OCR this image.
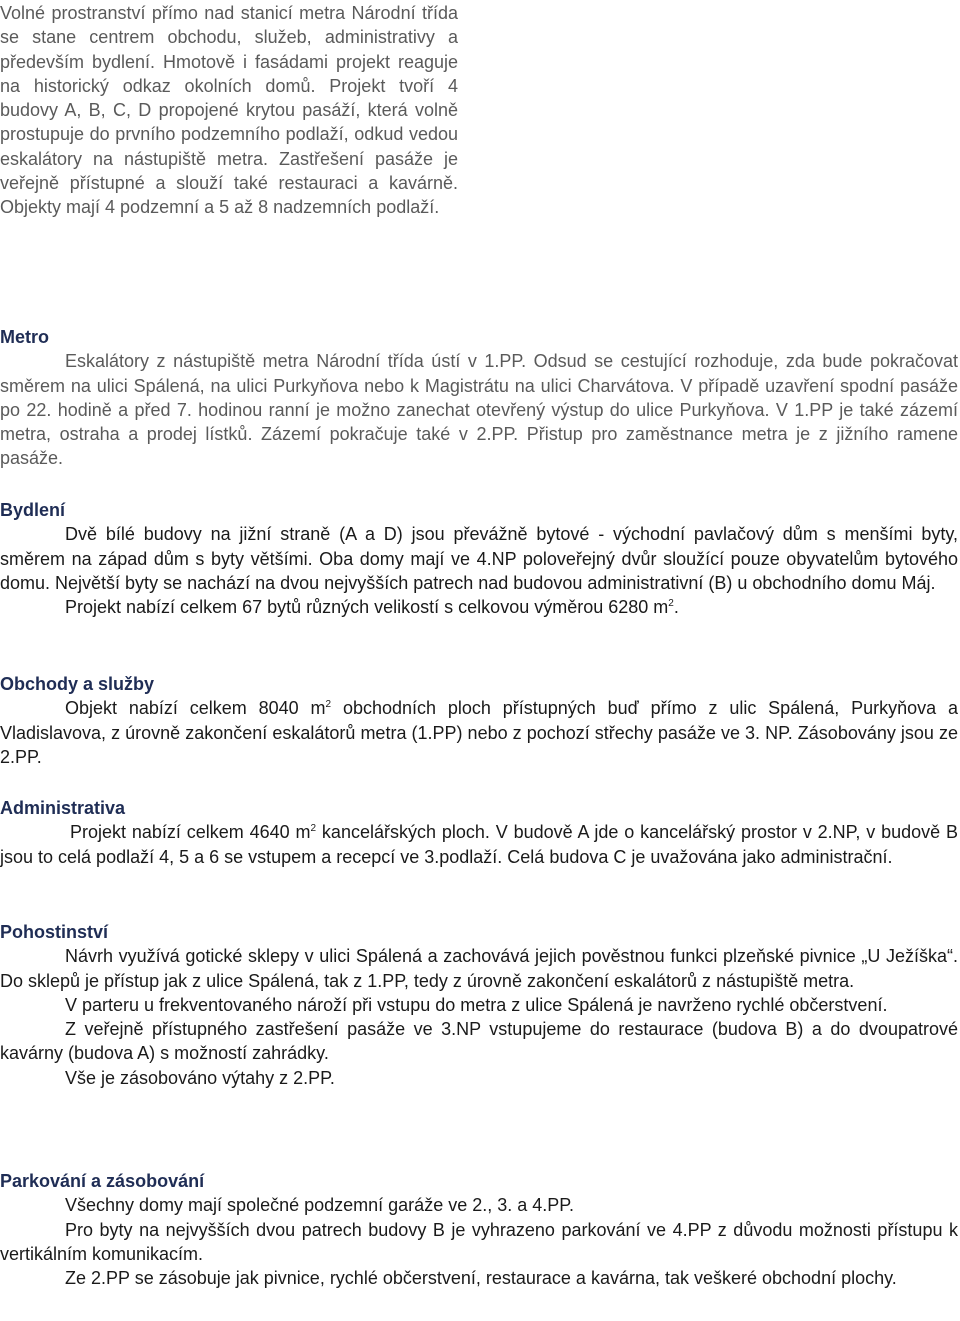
Volné prostranství přímo nad stanicí metra Národní třída se stane centrem obchodu, služeb, administrativy a především bydlení. Hmotově i fasádami projekt reaguje na historický odkaz okolních domů. Projekt tvoří 4 budovy A, B, C, D propojené krytou pasáží, která volně prostupuje do prvního podzemního podlaží, odkud vedou eskalátory na nástupiště metra. Zastřešení pasáže je veřejně přístupné a slouží také restauraci a kavárně. Objekty mají 4 podzemní a 5 až 8 nadzemních podlaží.

Metro

Eskalátory z nástupiště metra Národní třída ústí v 1.PP. Odsud se cestující rozhoduje, zda bude pokračovat směrem na ulici Spálená, na ulici Purkyňova nebo k Magistrátu na ulici Charvátova. V případě uzavření spodní pasáže po 22. hodině a před 7. hodinou ranní je možno zanechat otevřený výstup do ulice Purkyňova. V 1.PP je také zázemí metra, ostraha a prodej lístků. Zázemí pokračuje také v 2.PP. Přistup pro zaměstnance metra je z jižního ramene pasáže.

Bydlení

Dvě bílé budovy na jižní straně (A a D) jsou převážně bytové - východní pavlačový dům s menšími byty, směrem na západ dům s byty většími. Oba domy mají ve 4.NP poloveřejný dvůr sloužící pouze obyvatelům bytového domu. Největší byty se nachází na dvou nejvyšších patrech nad budovou administrativní (B) u obchodního domu Máj.

Projekt nabízí celkem 67 bytů různých velikostí s celkovou výměrou 6280 $m^2$.

Obchody a služby

Objekt nabízí celkem 8040 $m^2$ obchodních ploch přístupných buď přímo z ulic Spálená, Purkyňova a Vladislavova, z úrovně zakončení eskalátorů metra (1.PP) nebo z pochozí střechy pasáže ve 3. NP. Zásobovány jsou ze 2.PP.

Administrativa

Projekt nabízí celkem 4640 $m^2$ kancelářských ploch. V budově A jde o kancelářský prostor v 2.NP, v budově B jsou to celá podlaží 4, 5 a 6 se vstupem a recepcí ve 3.podlaží. Celá budova C je uvažována jako administrační.

Pohostinství

Návrh využívá gotické sklepy v ulici Spálená a zachovává jejich pověstnou funkci plzeňské pivnice „U Ježíška“. Do sklepů je přístup jak z ulice Spálená, tak z 1.PP, tedy z úrovně zakončení eskalátorů z nástupiště metra.

V parteru u frekventovaného nároží při vstupu do metra z ulice Spálená je navrženo rychlé občerstvení.

Z veřejně přístupného zastřešení pasáže ve 3.NP vstupujeme do restaurace (budova B) a do dvoupatrové kavárny (budova A) s možností zahrádky.

Vše je zásobováno výtahy z 2.PP.

Parkování a zásobování

Všechny domy mají společné podzemní garáže ve 2., 3. a 4.PP.

Pro byty na nejvyšších dvou patrech budovy B je vyhrazeno parkování ve 4.PP z důvodu možnosti přístupu k vertikálním komunikacím.

Ze 2.PP se zásobuje jak pivnice, rychlé občerstvení, restaurace a kavárna, tak veškeré obchodní plochy.
